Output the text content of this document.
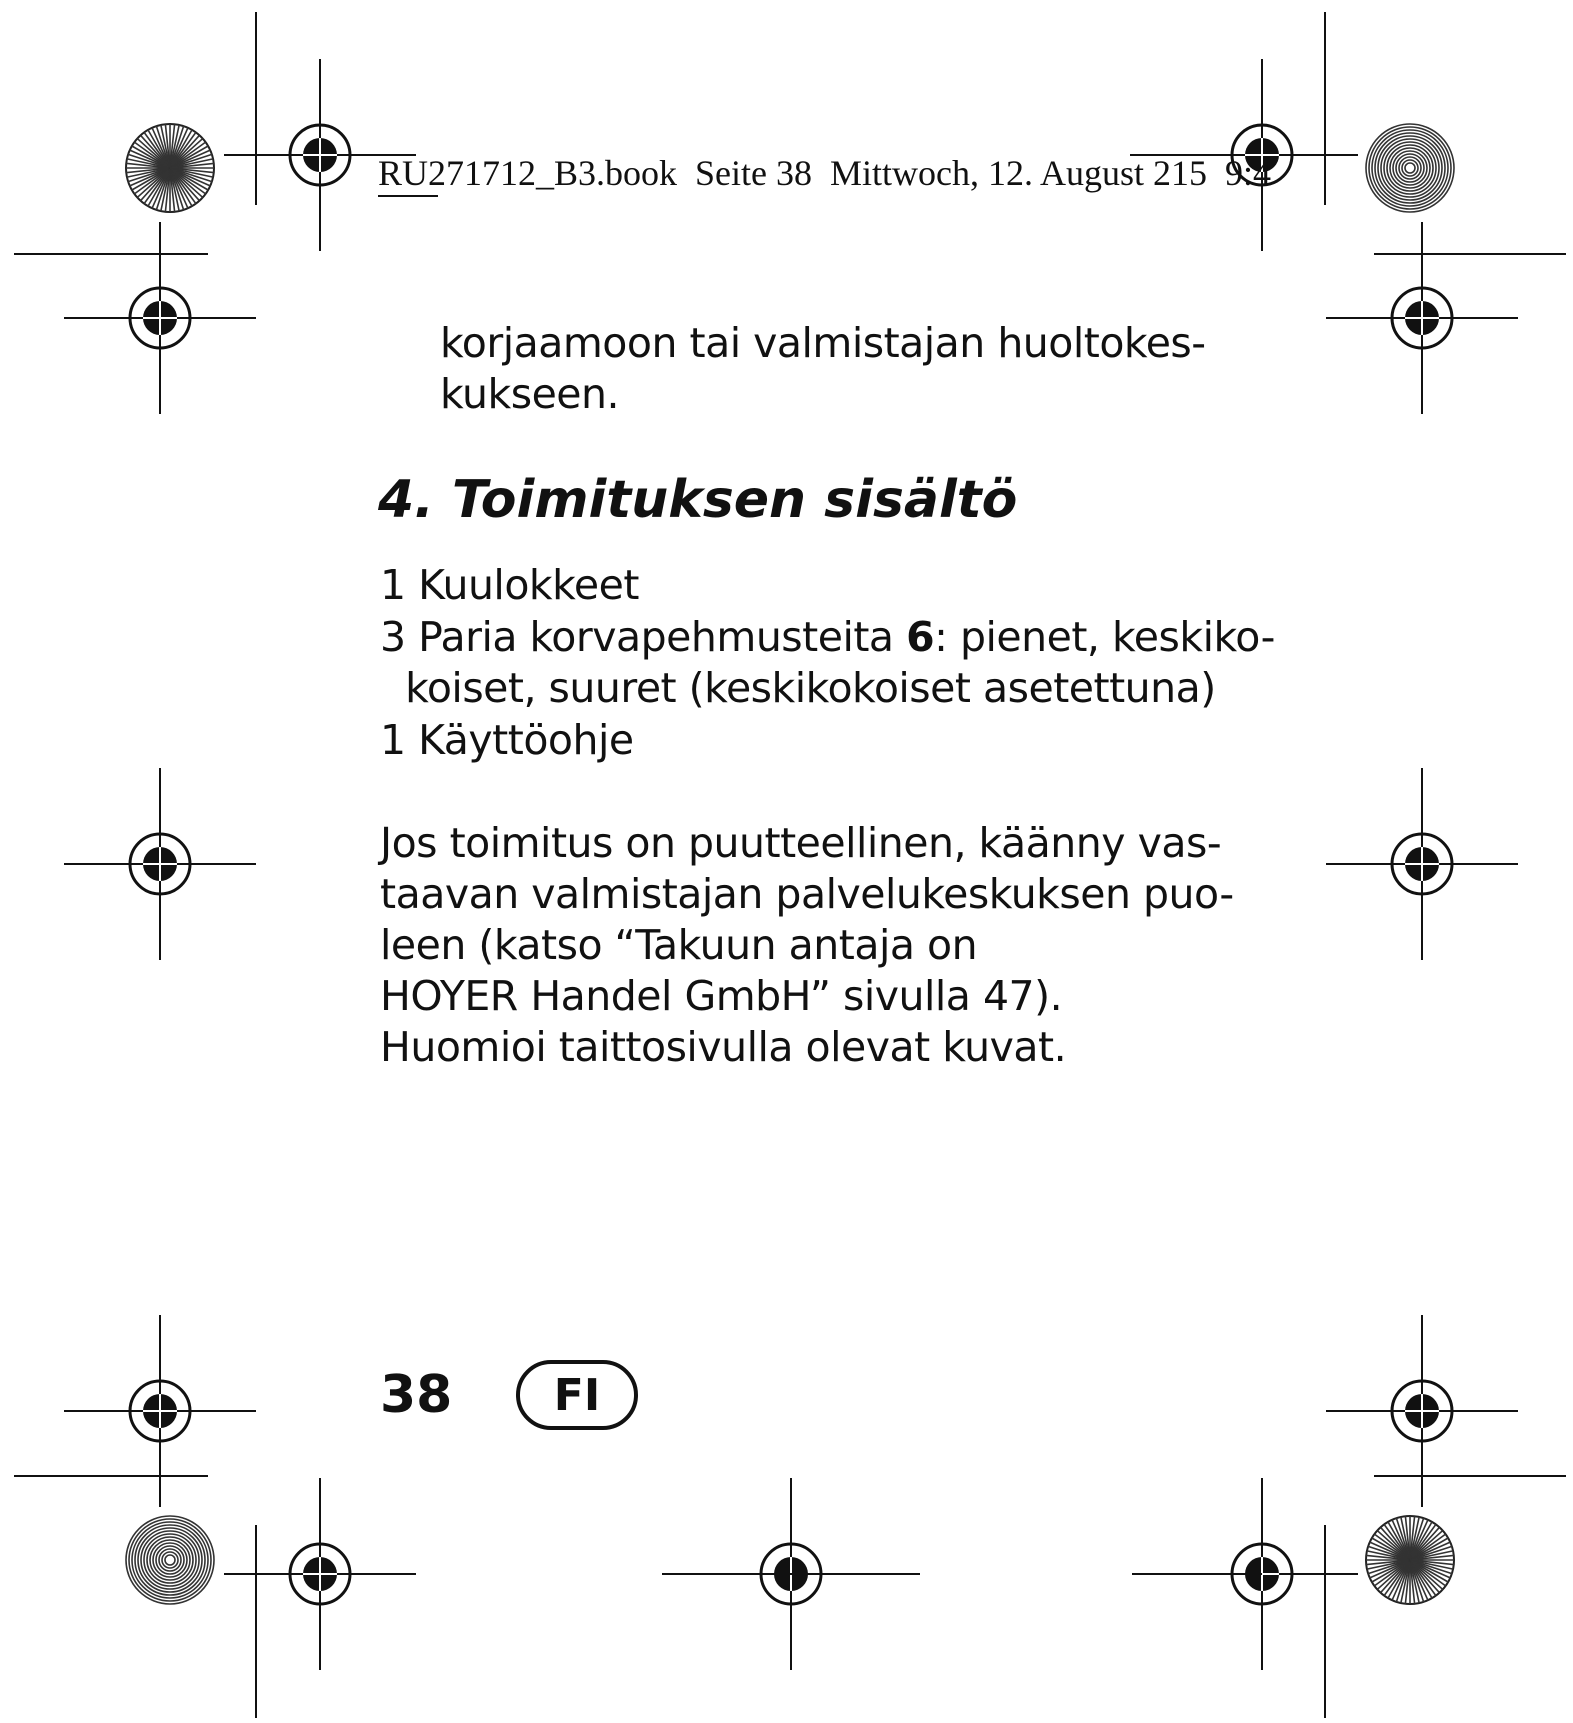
RU271712_B3.book Seite 38 Mittwoch, 12. August 215 9:4
korjaamoon tai valmistajan huoltokes-
kukseen.
4. Toimituksen sisältö
1 Kuulokkeet
3 Paria korvapehmusteita 6: pienet, keskiko-
koiset, suuret (keskikokoiset asetettuna)
1 Käyttöohje
Jos toimitus on puutteellinen, käänny vas-
taavan valmistajan palvelukeskuksen puo-
leen (katso “Takuun antaja on
HOYER Handel GmbH” sivulla 47).
Huomioi taittosivulla olevat kuvat.
38 FI
